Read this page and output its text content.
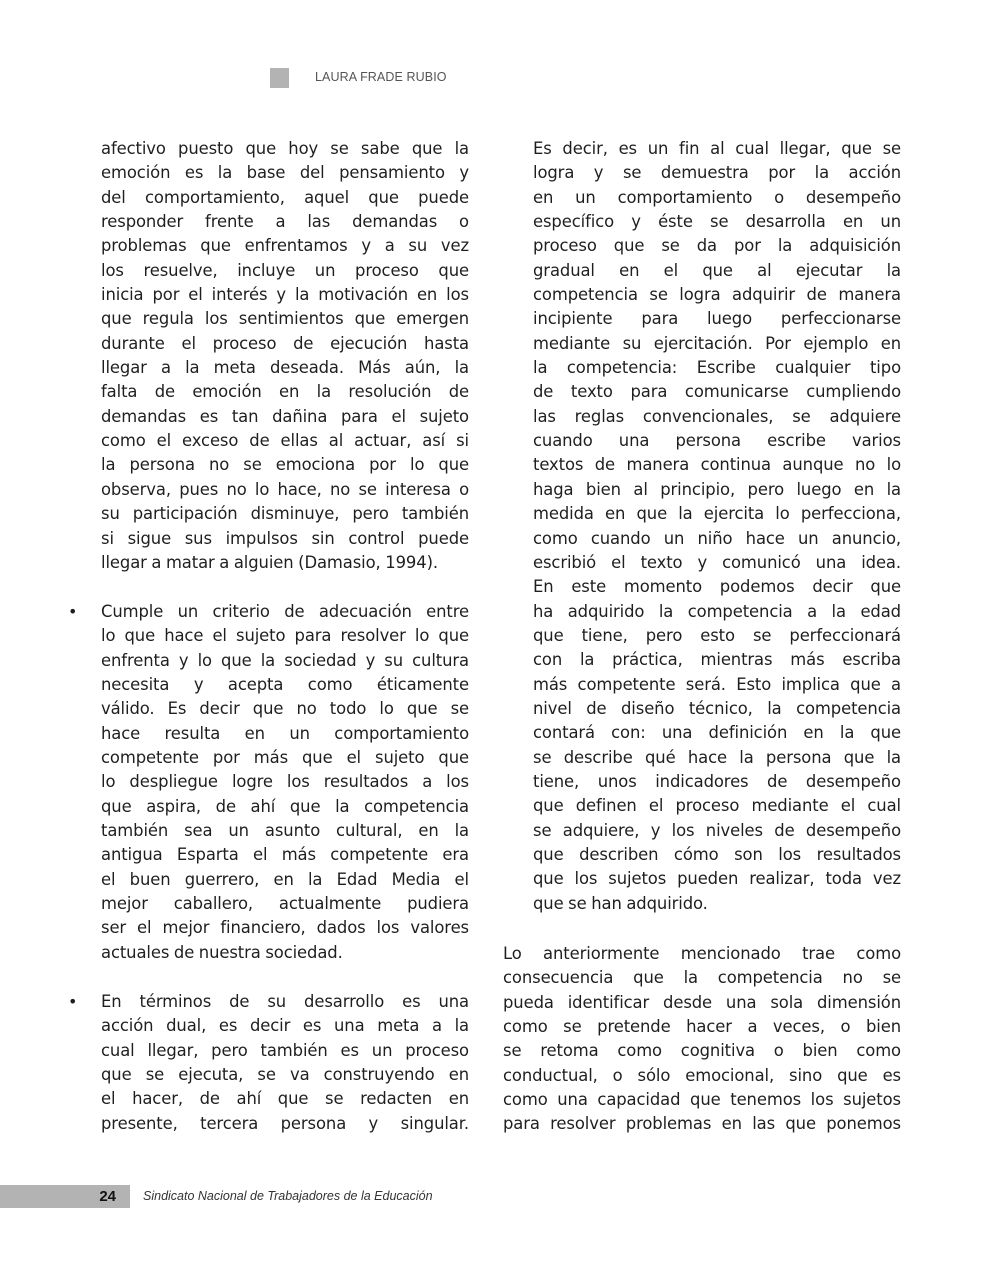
LAURA FRADE RUBIO

afectivo puesto que hoy se sabe que la
emoción es la base del pensamiento y
del comportamiento, aquel que puede
responder frente a las demandas o
problemas que enfrentamos y a su vez
los resuelve, incluye un proceso que
inicia por el interés y la motivación en los
que regula los sentimientos que emergen
durante el proceso de ejecución hasta
llegar a la meta deseada. Más aún, la
falta de emoción en la resolución de
demandas es tan dañina para el sujeto
como el exceso de ellas al actuar, así si
la persona no se emociona por lo que
observa, pues no lo hace, no se interesa o
su participación disminuye, pero también
si sigue sus impulsos sin control puede
llegar a matar a alguien (Damasio, 1994).

• Cumple un criterio de adecuación entre
lo que hace el sujeto para resolver lo que
enfrenta y lo que la sociedad y su cultura
necesita y acepta como éticamente
válido. Es decir que no todo lo que se
hace resulta en un comportamiento
competente por más que el sujeto que
lo despliegue logre los resultados a los
que aspira, de ahí que la competencia
también sea un asunto cultural, en la
antigua Esparta el más competente era
el buen guerrero, en la Edad Media el
mejor caballero, actualmente pudiera
ser el mejor financiero, dados los valores
actuales de nuestra sociedad.
• En términos de su desarrollo es una
acción dual, es decir es una meta a la
cual llegar, pero también es un proceso
que se ejecuta, se va construyendo en
el hacer, de ahí que se redacten en
presente, tercera persona y singular.
Es decir, es un fin al cual llegar, que se
logra y se demuestra por la acción
en un comportamiento o desempeño
específico y éste se desarrolla en un
proceso que se da por la adquisición
gradual en el que al ejecutar la
competencia se logra adquirir de manera
incipiente para luego perfeccionarse
mediante su ejercitación. Por ejemplo en
la competencia: Escribe cualquier tipo
de texto para comunicarse cumpliendo
las reglas convencionales, se adquiere
cuando una persona escribe varios
textos de manera continua aunque no lo
haga bien al principio, pero luego en la
medida en que la ejercita lo perfecciona,
como cuando un niño hace un anuncio,
escribió el texto y comunicó una idea.
En este momento podemos decir que
ha adquirido la competencia a la edad
que tiene, pero esto se perfeccionará
con la práctica, mientras más escriba
más competente será. Esto implica que a
nivel de diseño técnico, la competencia
contará con: una definición en la que
se describe qué hace la persona que la
tiene, unos indicadores de desempeño
que definen el proceso mediante el cual
se adquiere, y los niveles de desempeño
que describen cómo son los resultados
que los sujetos pueden realizar, toda vez
que se han adquirido.
Lo anteriormente mencionado trae como
consecuencia que la competencia no se
pueda identificar desde una sola dimensión
como se pretende hacer a veces, o bien
se retoma como cognitiva o bien como
conductual, o sólo emocional, sino que es
como una capacidad que tenemos los sujetos
para resolver problemas en las que ponemos
24 Sindicato Nacional de Trabajadores de la Educación
